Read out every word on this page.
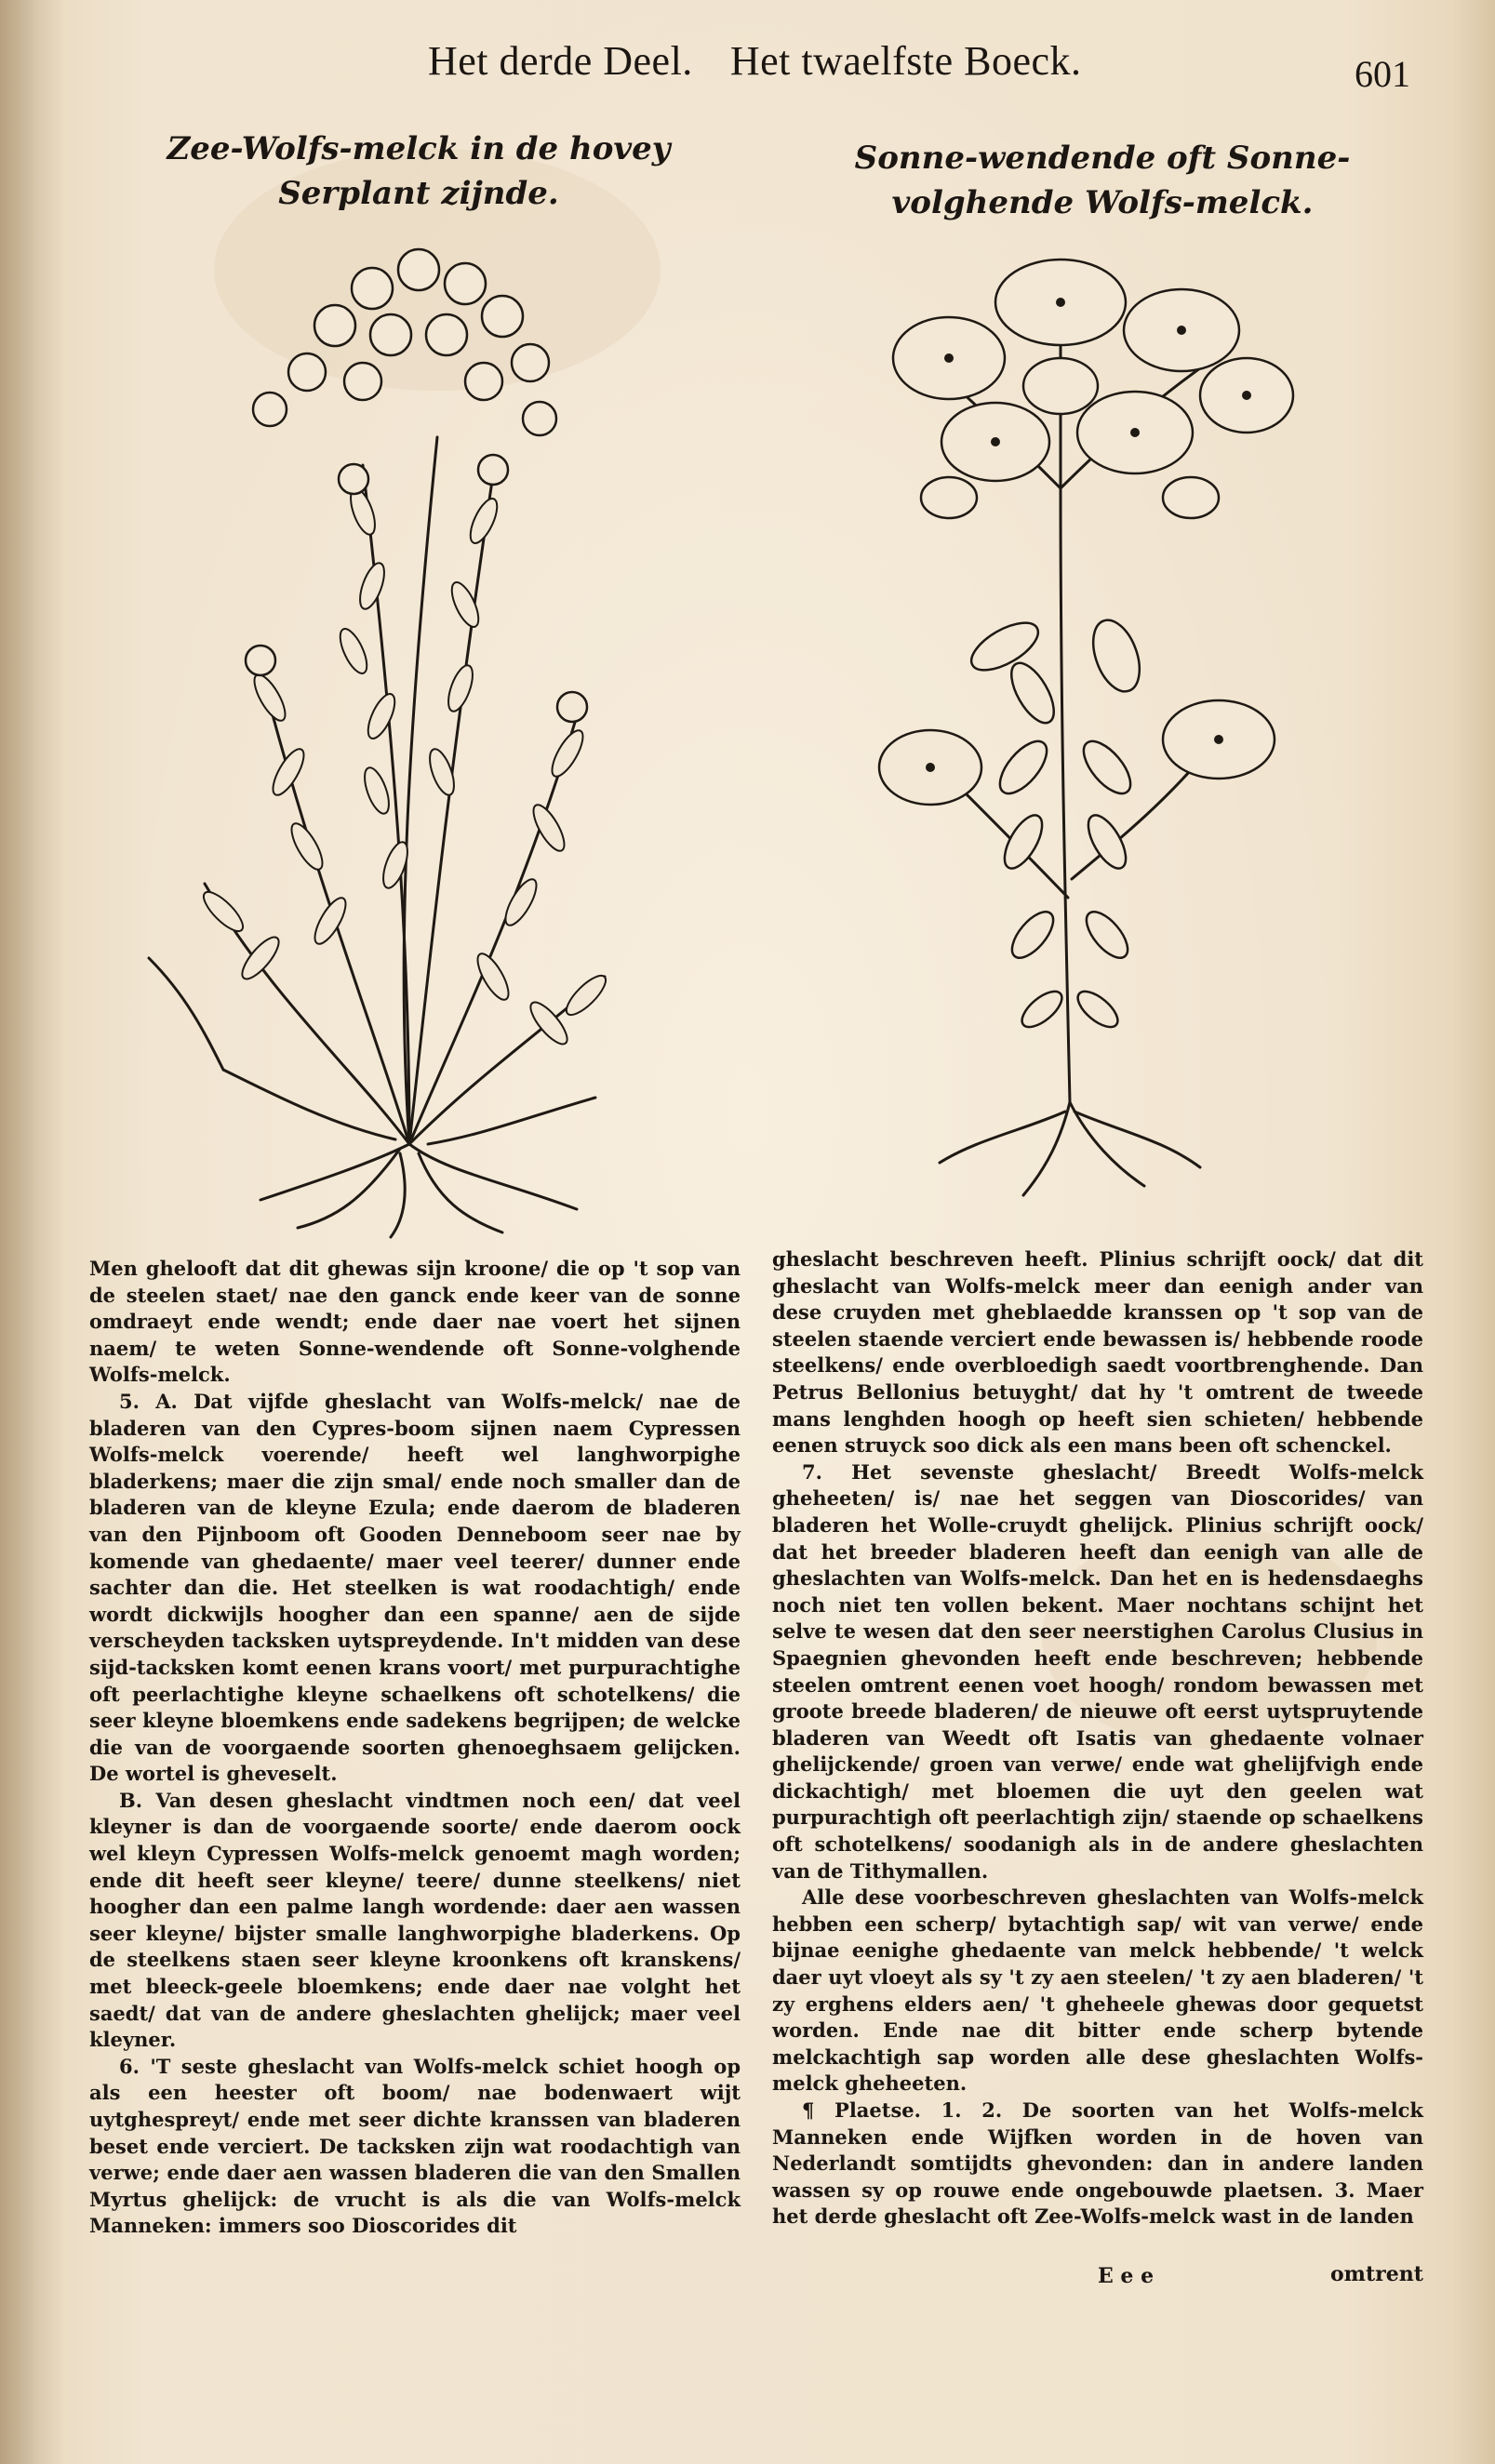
Het derde Deel. Het twaelfste Boeck.	601
Zee-Wolfs-melck in de hovey Serplant zijnde.
Sonne-wendende oft Sonne-volghende Wolfs-melck.

Men ghelooft dat dit ghewas sijn kroone/ die op 't sop van de steelen staet/ nae den ganck ende keer van de sonne omdraeyt ende wendt; ende daer nae voert het sijnen naem/ te weten Sonne-wendende oft Sonne-volghende Wolfs-melck.

5. A. Dat vijfde gheslacht van Wolfs-melck/ nae de bladeren van den Cypres-boom sijnen naem Cypressen Wolfs-melck voerende/ heeft wel langhworpighe bladerkens; maer die zijn smal/ ende noch smaller dan de bladeren van de kleyne Ezula; ende daerom de bladeren van den Pijnboom oft Gooden Denneboom seer nae by komende van ghedaente/ maer veel teerer/ dunner ende sachter dan die. Het steelken is wat roodachtigh/ ende wordt dickwijls hoogher dan een spanne/ aen de sijde verscheyden tacksken uytspreydende. In't midden van dese sijd-tacksken komt eenen krans voort/ met purpurachtighe oft peerlachtighe kleyne schaelkens oft schotelkens/ die seer kleyne bloemkens ende sadekens begrijpen; de welcke die van de voorgaende soorten ghenoeghsaem gelijcken. De wortel is gheveselt.

B. Van desen gheslacht vindtmen noch een/ dat veel kleyner is dan de voorgaende soorte/ ende daerom oock wel kleyn Cypressen Wolfs-melck genoemt magh worden; ende dit heeft seer kleyne/ teere/ dunne steelkens/ niet hoogher dan een palme langh wordende: daer aen wassen seer kleyne/ bijster smalle langhworpighe bladerkens. Op de steelkens staen seer kleyne kroonkens oft kranskens/ met bleeck-geele bloemkens; ende daer nae volght het saedt/ dat van de andere gheslachten ghelijck; maer veel kleyner.

6. 'T seste gheslacht van Wolfs-melck schiet hoogh op als een heester oft boom/ nae bodenwaert wijt uytghespreyt/ ende met seer dichte kranssen van bladeren beset ende verciert. De tacksken zijn wat roodachtigh van verwe; ende daer aen wassen bladeren die van den Smallen Myrtus ghelijck: de vrucht is als die van Wolfs-melck Manneken: immers soo Dioscorides dit

gheslacht beschreven heeft. Plinius schrijft oock/ dat dit gheslacht van Wolfs-melck meer dan eenigh ander van dese cruyden met gheblaedde kranssen op 't sop van de steelen staende verciert ende bewassen is/ hebbende roode steelkens/ ende overbloedigh saedt voortbrenghende. Dan Petrus Bellonius betuyght/ dat hy 't omtrent de tweede mans lenghden hoogh op heeft sien schieten/ hebbende eenen struyck soo dick als een mans been oft schenckel.

7. Het sevenste gheslacht/ Breedt Wolfs-melck gheheeten/ is/ nae het seggen van Dioscorides/ van bladeren het Wolle-cruydt ghelijck. Plinius schrijft oock/ dat het breeder bladeren heeft dan eenigh van alle de gheslachten van Wolfs-melck. Dan het en is hedensdaeghs noch niet ten vollen bekent. Maer nochtans schijnt het selve te wesen dat den seer neerstighen Carolus Clusius in Spaegnien ghevonden heeft ende beschreven; hebbende steelen omtrent eenen voet hoogh/ rondom bewassen met groote breede bladeren/ de nieuwe oft eerst uytspruytende bladeren van Weedt oft Isatis van ghedaente volnaer ghelijckende/ groen van verwe/ ende wat ghelijfvigh ende dickachtigh/ met bloemen die uyt den geelen wat purpurachtigh oft peerlachtigh zijn/ staende op schaelkens oft schotelkens/ soodanigh als in de andere gheslachten van de Tithymallen.

Alle dese voorbeschreven gheslachten van Wolfs-melck hebben een scherp/ bytachtigh sap/ wit van verwe/ ende bijnae eenighe ghedaente van melck hebbende/ 't welck daer uyt vloeyt als sy 't zy aen steelen/ 't zy aen bladeren/ 't zy erghens elders aen/ 't gheheele ghewas door gequetst worden. Ende nae dit bitter ende scherp bytende melckachtigh sap worden alle dese gheslachten Wolfs-melck gheheeten.

¶ Plaetse. 1. 2. De soorten van het Wolfs-melck Manneken ende Wijfken worden in de hoven van Nederlandt somtijdts ghevonden: dan in andere landen wassen sy op rouwe ende ongebouwde plaetsen. 3. Maer het derde gheslacht oft Zee-Wolfs-melck wast in de landen

E e e	omtrent
